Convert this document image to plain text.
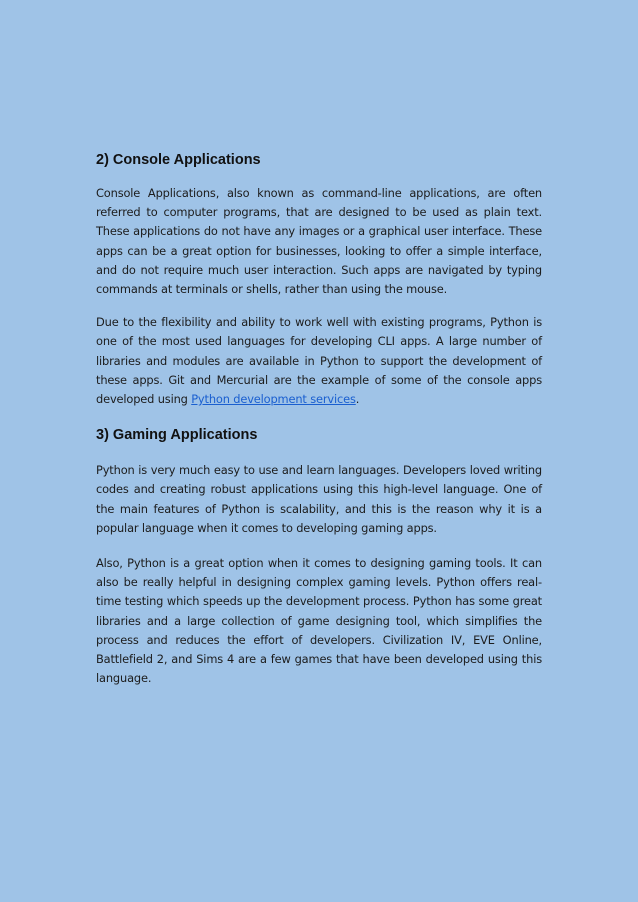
2) Console Applications

Console Applications, also known as command-line applications, are often referred to computer programs, that are designed to be used as plain text. These applications do not have any images or a graphical user interface. These apps can be a great option for businesses, looking to offer a simple interface, and do not require much user interaction. Such apps are navigated by typing commands at terminals or shells, rather than using the mouse.

Due to the flexibility and ability to work well with existing programs, Python is one of the most used languages for developing CLI apps. A large number of libraries and modules are available in Python to support the development of these apps. Git and Mercurial are the example of some of the console apps developed using Python development services.

3) Gaming Applications

Python is very much easy to use and learn languages. Developers loved writing codes and creating robust applications using this high-level language. One of the main features of Python is scalability, and this is the reason why it is a popular language when it comes to developing gaming apps.

Also, Python is a great option when it comes to designing gaming tools. It can also be really helpful in designing complex gaming levels. Python offers real-time testing which speeds up the development process. Python has some great libraries and a large collection of game designing tool, which simplifies the process and reduces the effort of developers. Civilization IV, EVE Online, Battlefield 2, and Sims 4 are a few games that have been developed using this language.
